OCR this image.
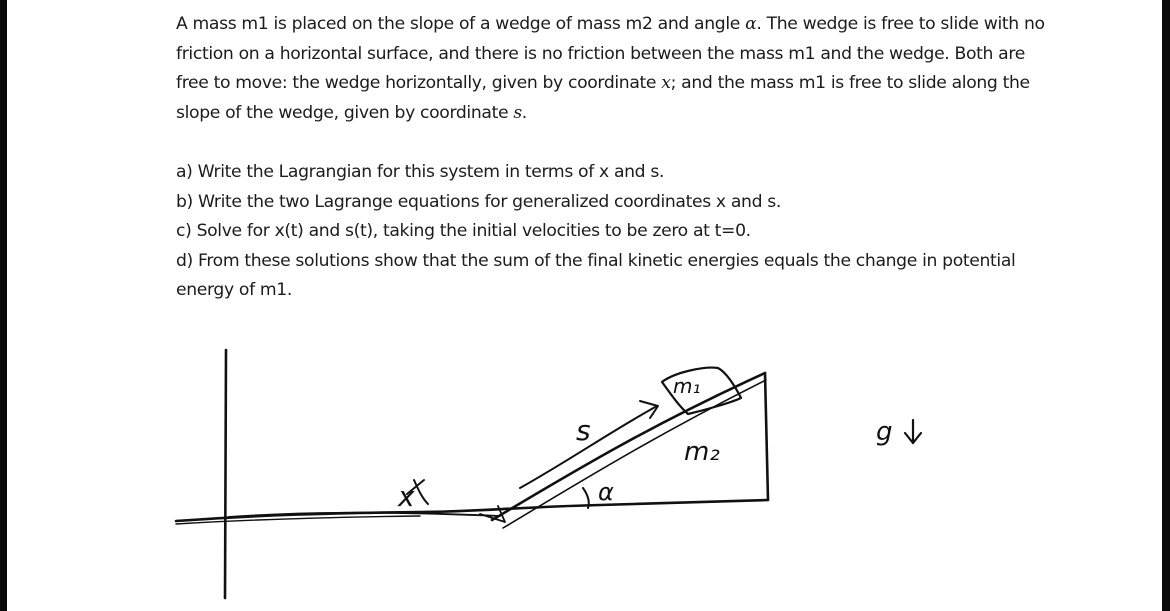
A mass m1 is placed on the slope of a wedge of mass m2 and angle α. The wedge is free to slide with no friction on a horizontal surface, and there is no friction between the mass m1 and the wedge. Both are free to move: the wedge horizontally, given by coordinate x; and the mass m1 is free to slide along the slope of the wedge, given by coordinate s.

a) Write the Lagrangian for this system in terms of x and s.

b) Write the two Lagrange equations for generalized coordinates x and s.

c) Solve for x(t) and s(t), taking the initial velocities to be zero at t=0.

d) From these solutions show that the sum of the final kinetic energies equals the change in potential energy of m1.

x
s
α
m₁
m₂
g
